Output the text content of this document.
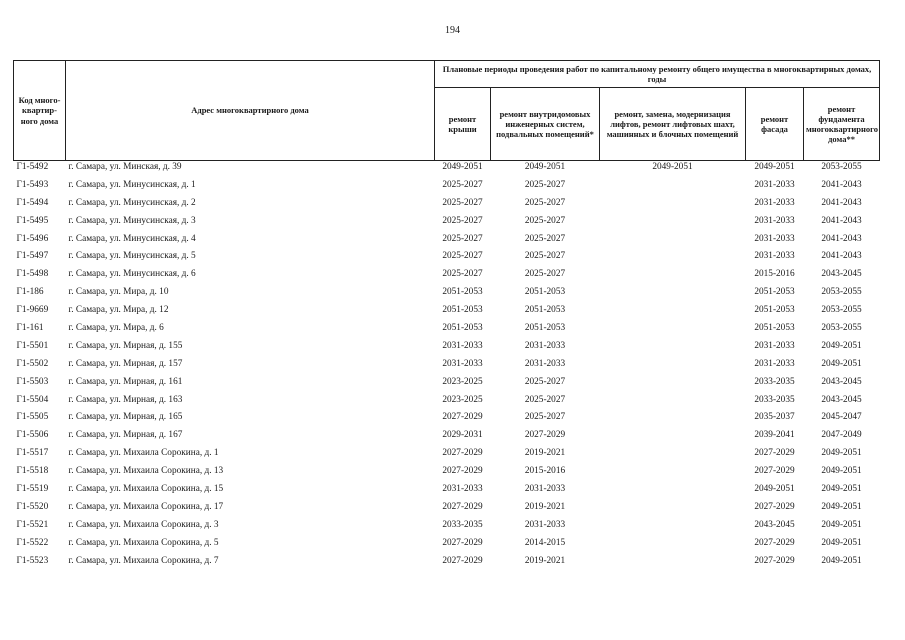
194
Код много-квартир-ного дома	Адрес многоквартирного дома	Плановые периоды проведения работ по капитальному ремонту общего имущества в многоквартирных домах, годы				
		ремонт крыши	ремонт внутридомовых инженерных систем, подвальных помещений*	ремонт, замена, модернизация лифтов, ремонт лифтовых шахт, машинных и блочных помещений	ремонт фасада	ремонт фундамента многоквартирного дома**
Г1-5492	г. Самара, ул. Минская, д. 39	2049-2051	2049-2051	2049-2051	2049-2051	2053-2055
Г1-5493	г. Самара, ул. Минусинская, д. 1	2025-2027	2025-2027		2031-2033	2041-2043
Г1-5494	г. Самара, ул. Минусинская, д. 2	2025-2027	2025-2027		2031-2033	2041-2043
Г1-5495	г. Самара, ул. Минусинская, д. 3	2025-2027	2025-2027		2031-2033	2041-2043
Г1-5496	г. Самара, ул. Минусинская, д. 4	2025-2027	2025-2027		2031-2033	2041-2043
Г1-5497	г. Самара, ул. Минусинская, д. 5	2025-2027	2025-2027		2031-2033	2041-2043
Г1-5498	г. Самара, ул. Минусинская, д. 6	2025-2027	2025-2027		2015-2016	2043-2045
Г1-186	г. Самара, ул. Мира, д. 10	2051-2053	2051-2053		2051-2053	2053-2055
Г1-9669	г. Самара, ул. Мира, д. 12	2051-2053	2051-2053		2051-2053	2053-2055
Г1-161	г. Самара, ул. Мира, д. 6	2051-2053	2051-2053		2051-2053	2053-2055
Г1-5501	г. Самара, ул. Мирная, д. 155	2031-2033	2031-2033		2031-2033	2049-2051
Г1-5502	г. Самара, ул. Мирная, д. 157	2031-2033	2031-2033		2031-2033	2049-2051
Г1-5503	г. Самара, ул. Мирная, д. 161	2023-2025	2025-2027		2033-2035	2043-2045
Г1-5504	г. Самара, ул. Мирная, д. 163	2023-2025	2025-2027		2033-2035	2043-2045
Г1-5505	г. Самара, ул. Мирная, д. 165	2027-2029	2025-2027		2035-2037	2045-2047
Г1-5506	г. Самара, ул. Мирная, д. 167	2029-2031	2027-2029		2039-2041	2047-2049
Г1-5517	г. Самара, ул. Михаила Сорокина, д. 1	2027-2029	2019-2021		2027-2029	2049-2051
Г1-5518	г. Самара, ул. Михаила Сорокина, д. 13	2027-2029	2015-2016		2027-2029	2049-2051
Г1-5519	г. Самара, ул. Михаила Сорокина, д. 15	2031-2033	2031-2033		2049-2051	2049-2051
Г1-5520	г. Самара, ул. Михаила Сорокина, д. 17	2027-2029	2019-2021		2027-2029	2049-2051
Г1-5521	г. Самара, ул. Михаила Сорокина, д. 3	2033-2035	2031-2033		2043-2045	2049-2051
Г1-5522	г. Самара, ул. Михаила Сорокина, д. 5	2027-2029	2014-2015		2027-2029	2049-2051
Г1-5523	г. Самара, ул. Михаила Сорокина, д. 7	2027-2029	2019-2021		2027-2029	2049-2051
